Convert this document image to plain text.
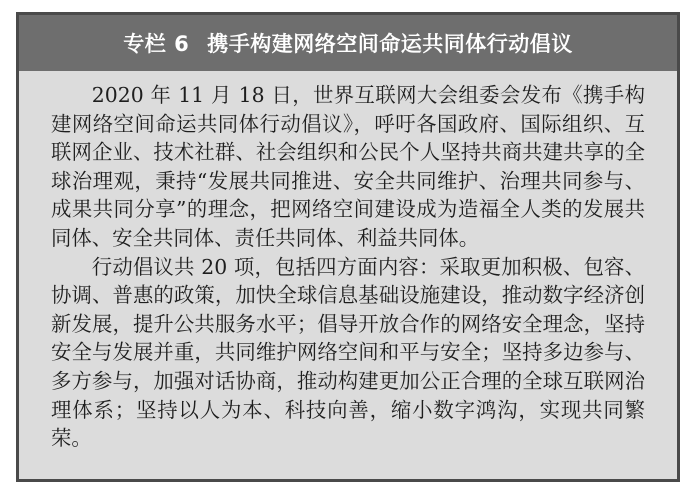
专栏 6 携手构建网络空间命运共同体行动倡议

2020 年 11 月 18 日，世界互联网大会组委会发布《携手构建网络空间命运共同体行动倡议》，呼吁各国政府、国际组织、互联网企业、技术社群、社会组织和公民个人坚持共商共建共享的全球治理观，秉持“发展共同推进、安全共同维护、治理共同参与、成果共同分享”的理念，把网络空间建设成为造福全人类的发展共同体、安全共同体、责任共同体、利益共同体。

行动倡议共 20 项，包括四方面内容：采取更加积极、包容、协调、普惠的政策，加快全球信息基础设施建设，推动数字经济创新发展，提升公共服务水平；倡导开放合作的网络安全理念，坚持安全与发展并重，共同维护网络空间和平与安全；坚持多边参与、多方参与，加强对话协商，推动构建更加公正合理的全球互联网治理体系；坚持以人为本、科技向善，缩小数字鸿沟，实现共同繁荣。
